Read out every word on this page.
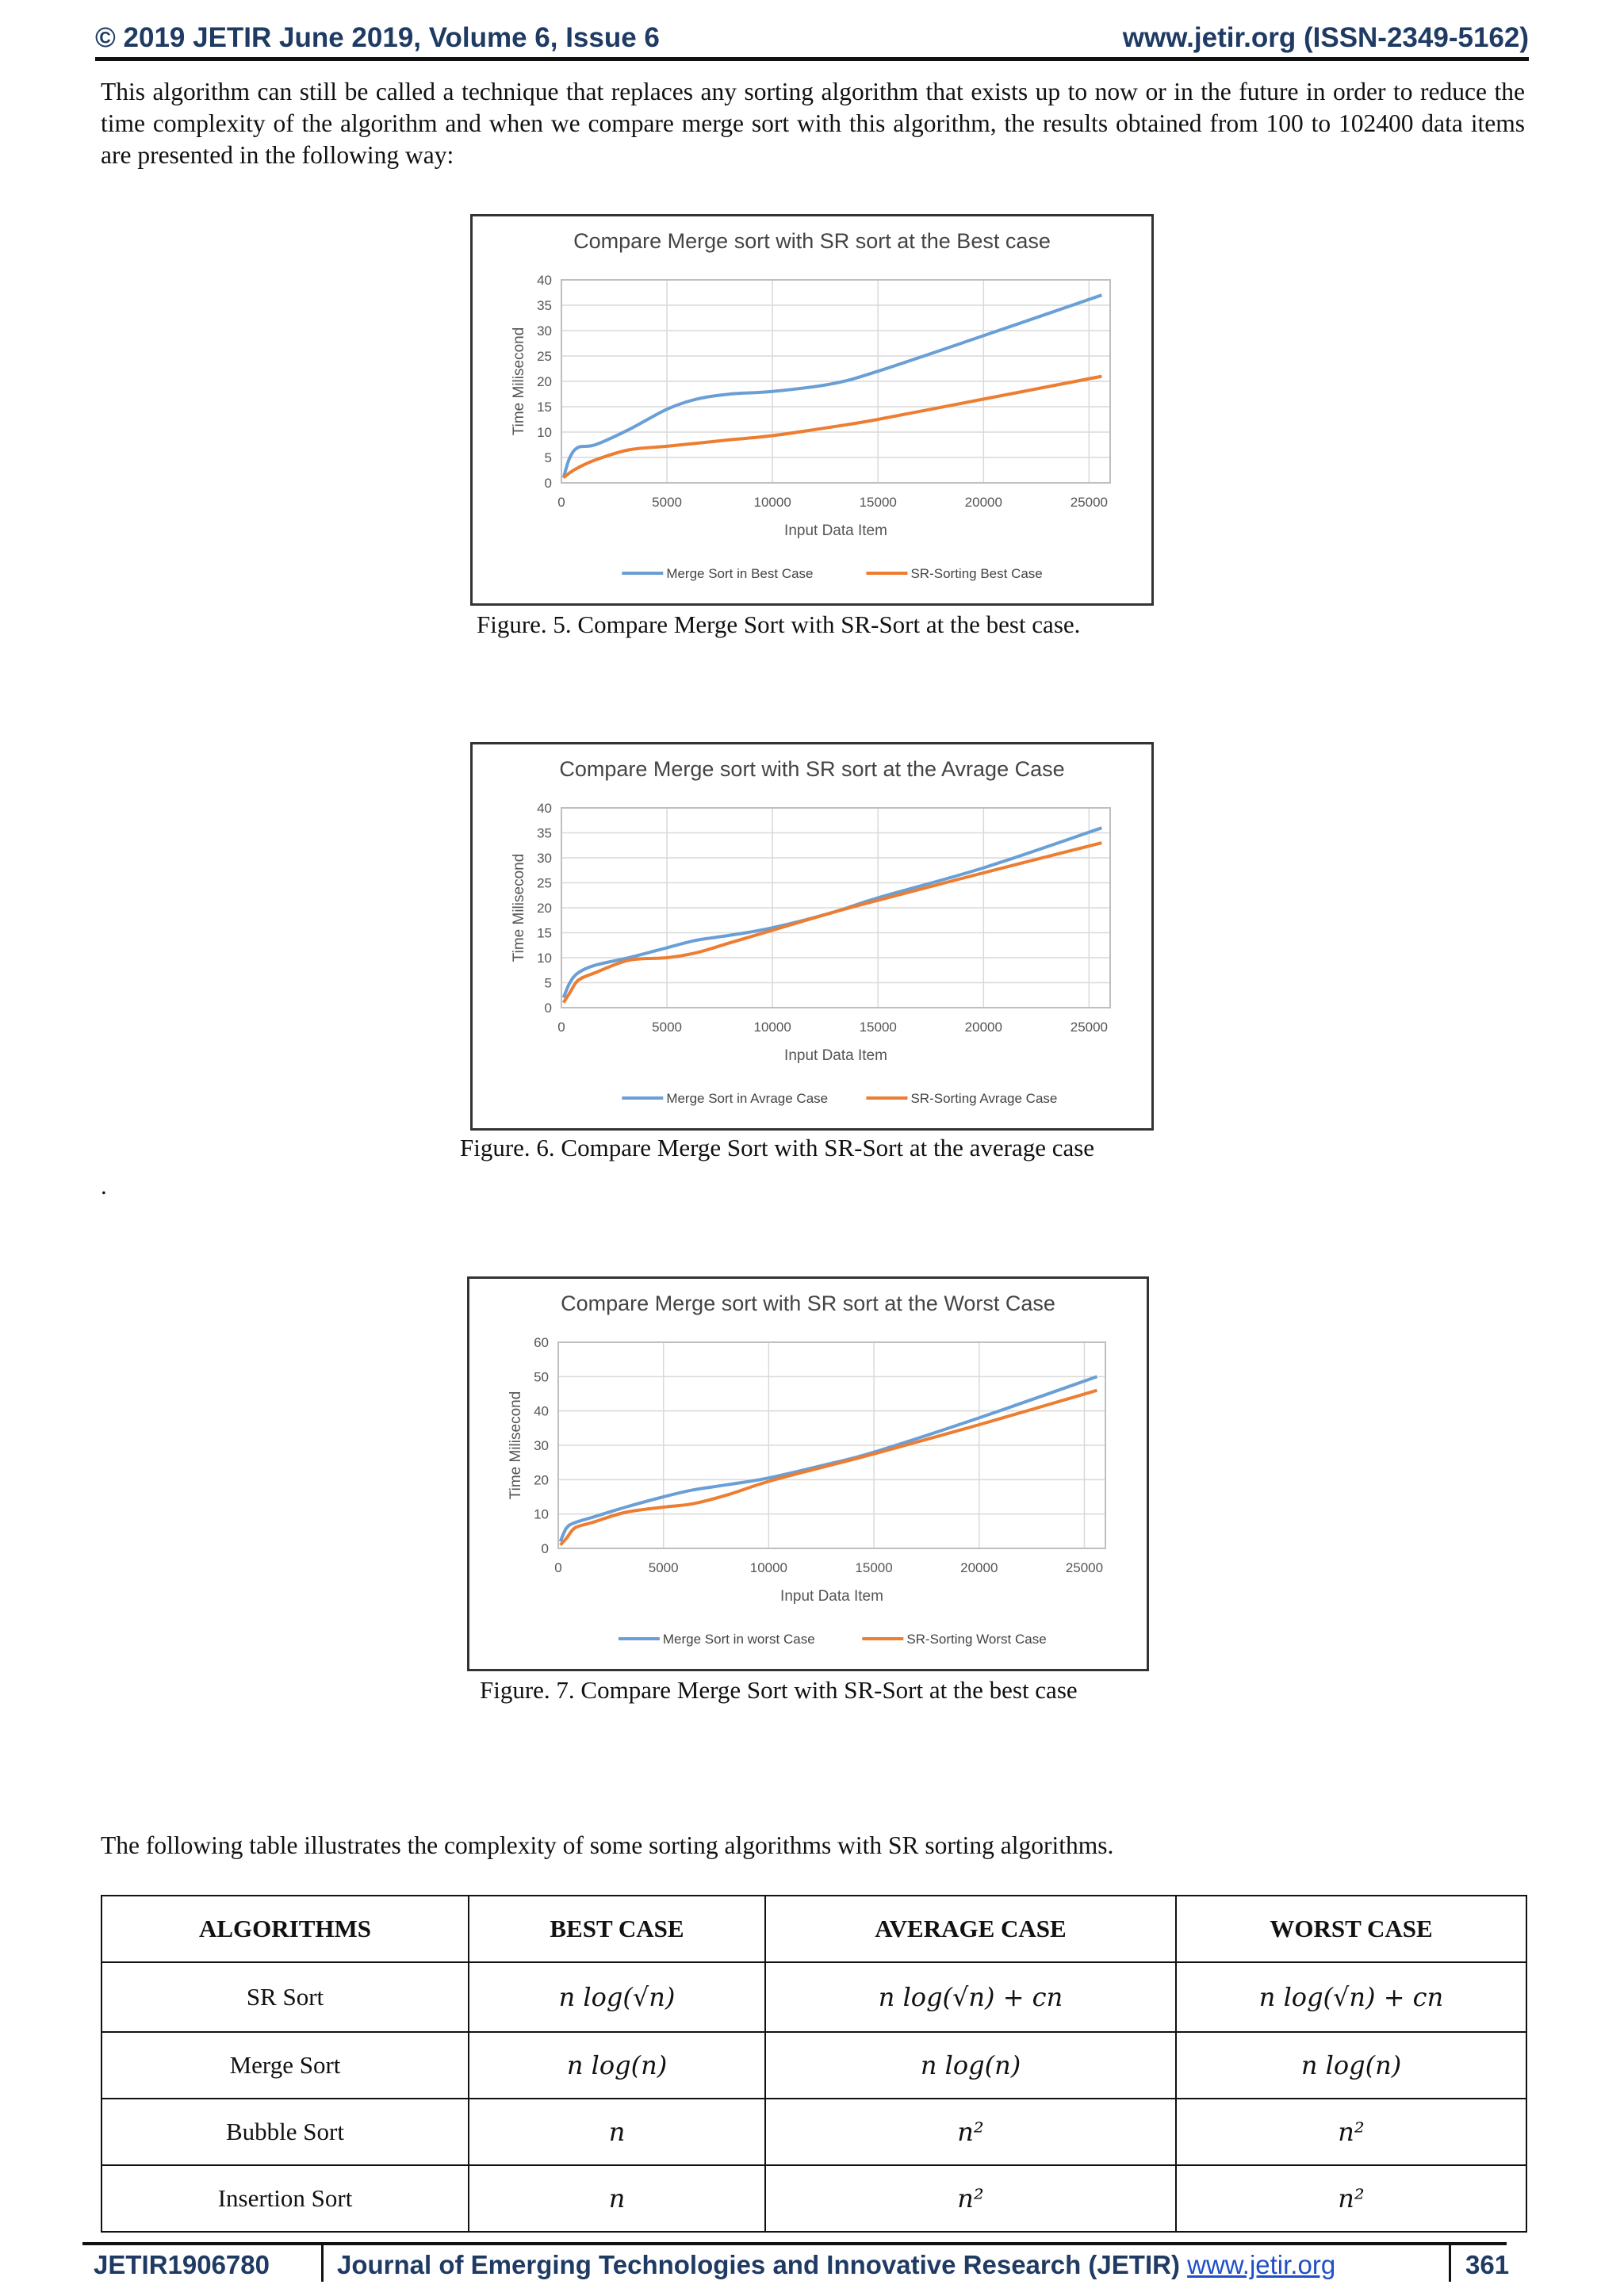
© 2019 JETIR June 2019, Volume 6, Issue 6	www.jetir.org (ISSN-2349-5162)
This algorithm can still be called a technique that replaces any sorting algorithm that exists up to now or in the future in order to reduce the time complexity of the algorithm and when we compare merge sort with this algorithm, the results obtained from 100 to 102400 data items are presented in the following way:
Compare Merge sort with SR sort at the Best case
0
5
10
15
20
25
30
35
40
0	5000	10000	15000	20000	25000
Input Data Item
Time Milisecond
Merge Sort in Best Case	SR-Sorting Best Case
Figure. 5. Compare Merge Sort with SR-Sort at the best case.
Compare Merge sort with SR sort at the Avrage Case
0
5
10
15
20
25
30
35
40
0	5000	10000	15000	20000	25000
Input Data Item
Time Milisecond
Merge Sort in Avrage Case	SR-Sorting Avrage Case
Figure. 6. Compare Merge Sort with SR-Sort at the average case
.
Compare Merge sort with SR sort at the Worst Case
0
10
20
30
40
50
60
0	5000	10000	15000	20000	25000
Input Data Item
Time Milisecond
Merge Sort in worst Case	SR-Sorting Worst Case
Figure. 7. Compare Merge Sort with SR-Sort at the best case
The following table illustrates the complexity of some sorting algorithms with SR sorting algorithms.
ALGORITHMS	BEST CASE	AVERAGE CASE	WORST CASE
SR Sort	n log(√n)	n log(√n) + cn	n log(√n) + cn
Merge Sort	n log(n)	n log(n)	n log(n)
Bubble Sort	n	n²	n²
Insertion Sort	n	n²	n²
JETIR1906780	Journal of Emerging Technologies and Innovative Research (JETIR) www.jetir.org	361
